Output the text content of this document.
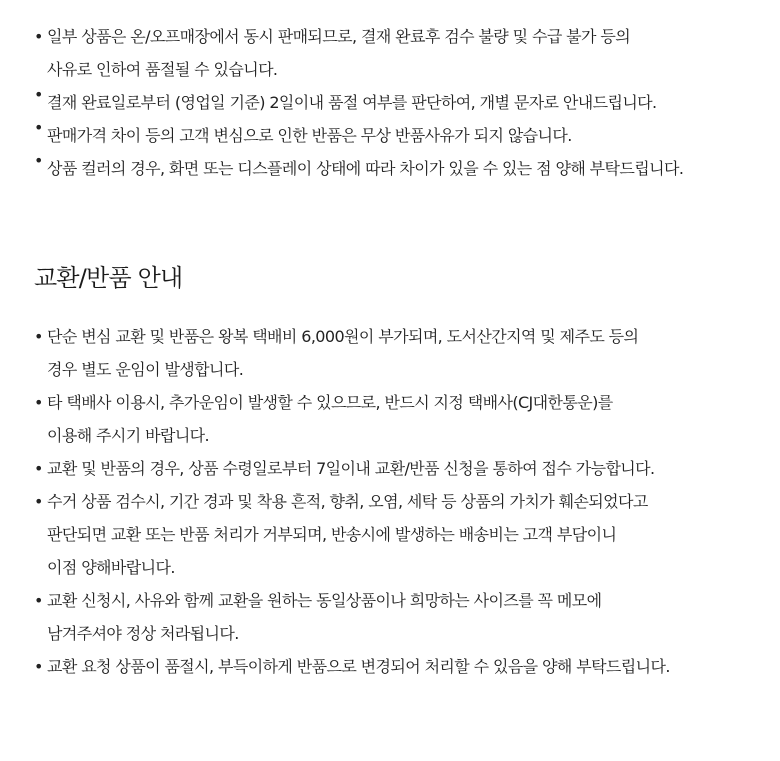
• 일부 상품은 온/오프매장에서 동시 판매되므로, 결재 완료후 검수 불량 및 수급 불가 등의
사유로 인하여 품절될 수 있습니다.
• 결재 완료일로부터 (영업일 기준) 2일이내 품절 여부를 판단하여, 개별 문자로 안내드립니다.
• 판매가격 차이 등의 고객 변심으로 인한 반품은 무상 반품사유가 되지 않습니다.
• 상품 컬러의 경우, 화면 또는 디스플레이 상태에 따라 차이가 있을 수 있는 점 양해 부탁드립니다.
교환/반품 안내
• 단순 변심 교환 및 반품은 왕복 택배비 6,000원이 부가되며, 도서산간지역 및 제주도 등의
경우 별도 운임이 발생합니다.
• 타 택배사 이용시, 추가운임이 발생할 수 있으므로, 반드시 지정 택배사(CJ대한통운)를
이용해 주시기 바랍니다.
• 교환 및 반품의 경우, 상품 수령일로부터 7일이내 교환/반품 신청을 통하여 접수 가능합니다.
• 수거 상품 검수시, 기간 경과 및 착용 흔적, 향취, 오염, 세탁 등 상품의 가치가 훼손되었다고
판단되면 교환 또는 반품 처리가 거부되며, 반송시에 발생하는 배송비는 고객 부담이니
이점 양해바랍니다.
• 교환 신청시, 사유와 함께 교환을 원하는 동일상품이나 희망하는 사이즈를 꼭 메모에
남겨주셔야 정상 처라됩니다.
• 교환 요청 상품이 품절시, 부득이하게 반품으로 변경되어 처리할 수 있음을 양해 부탁드립니다.
